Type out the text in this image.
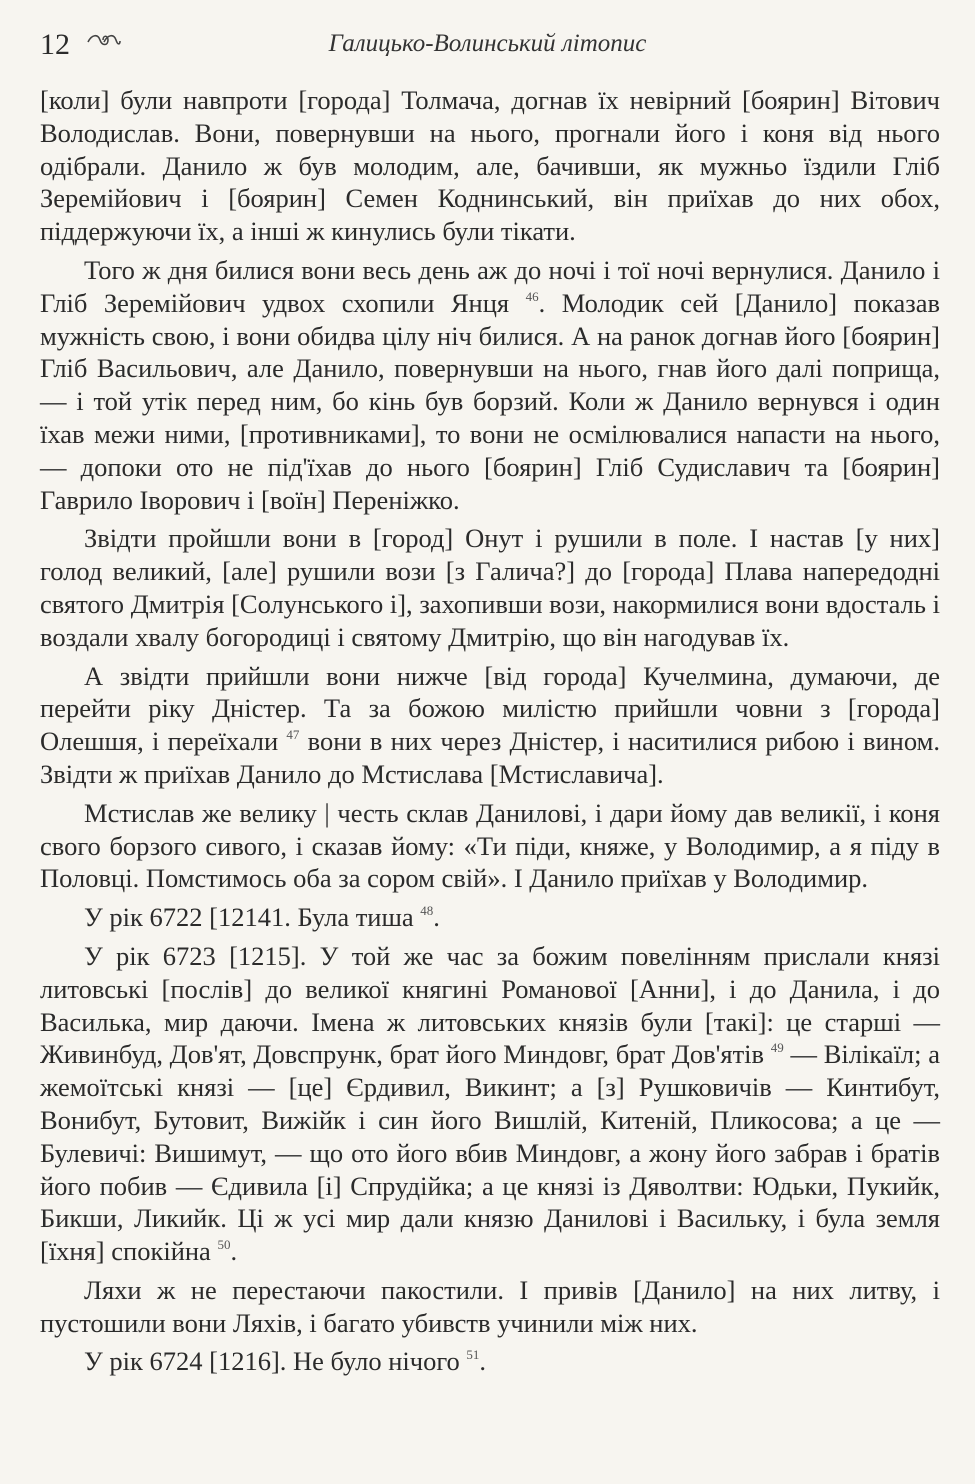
12	Галицько-Волинський літопис

[коли] були навпроти [города] Толмача, догнав їх невірний [боярин] Вітович Володислав. Вони, повернувши на нього, прогнали його і коня від нього одібрали. Данило ж був молодим, але, бачивши, як мужньо їздили Гліб Зеремійович і [боярин] Семен Коднинський, він приїхав до них обох, піддержуючи їх, а інші ж кинулись були тікати.

Того ж дня билися вони весь день аж до ночі і тої ночі вернулися. Данило і Гліб Зеремійович удвох схопили Янця $^{46}$. Молодик сей [Данило] показав мужність свою, і вони обидва цілу ніч билися. А на ранок догнав його [боярин] Гліб Васильович, але Данило, повернувши на нього, гнав його далі поприща, — і той утік перед ним, бо кінь був борзий. Коли ж Данило вернувся і один їхав межи ними, [противниками], то вони не осмілювалися напасти на нього, — допоки ото не під'їхав до нього [боярин] Гліб Судиславич та [боярин] Гаврило Іворович і [воїн] Переніжко.

Звідти пройшли вони в [город] Онут і рушили в поле. І настав [у них] голод великий, [але] рушили вози [з Галича?] до [города] Плава напередодні святого Дмитрія [Солунського і], захопивши вози, накормилися вони вдосталь і воздали хвалу богородиці і святому Дмитрію, що він нагодував їх.

А звідти прийшли вони нижче [від города] Кучелмина, думаючи, де перейти ріку Дністер. Та за божою милістю прийшли човни з [города] Олешшя, і переїхали $^{47}$ вони в них через Дністер, і наситилися рибою і вином. Звідти ж приїхав Данило до Мстислава [Мстиславича].

Мстислав же велику | честь склав Данилові, і дари йому дав великії, і коня свого борзого сивого, і сказав йому: «Ти піди, княже, у Володимир, а я піду в Половці. Помстимось оба за сором свій». І Данило приїхав у Володимир.

У рік 6722 [12141. Була тиша $^{48}$.

У рік 6723 [1215]. У той же час за божим повелінням прислали князі литовські [послів] до великої княгині Романової [Анни], і до Данила, і до Василька, мир даючи. Імена ж литовських князів були [такі]: це старші — Живинбуд, Дов'ят, Довспрунк, брат його Миндовг, брат Дов'ятів $^{49}$ — Вілікаїл; а жемоїтські князі — [це] Єрдивил, Викинт; а [з] Рушковичів — Кинтибут, Вонибут, Бутовит, Вижійк і син його Вишлій, Китеній, Пликосова; а це — Булевичі: Вишимут, — що ото його вбив Миндовг, а жону його забрав і братів його побив — Єдивила [і] Спрудійка; а це князі із Дяволтви: Юдьки, Пукийк, Бикши, Ликийк. Ці ж усі мир дали князю Данилові і Васильку, і була земля [їхня] спокійна $^{50}$.

Ляхи ж не перестаючи пакостили. І привів [Данило] на них литву, і пустошили вони Ляхів, і багато убивств учинили між них.

У рік 6724 [1216]. Не було нічого $^{51}$.
